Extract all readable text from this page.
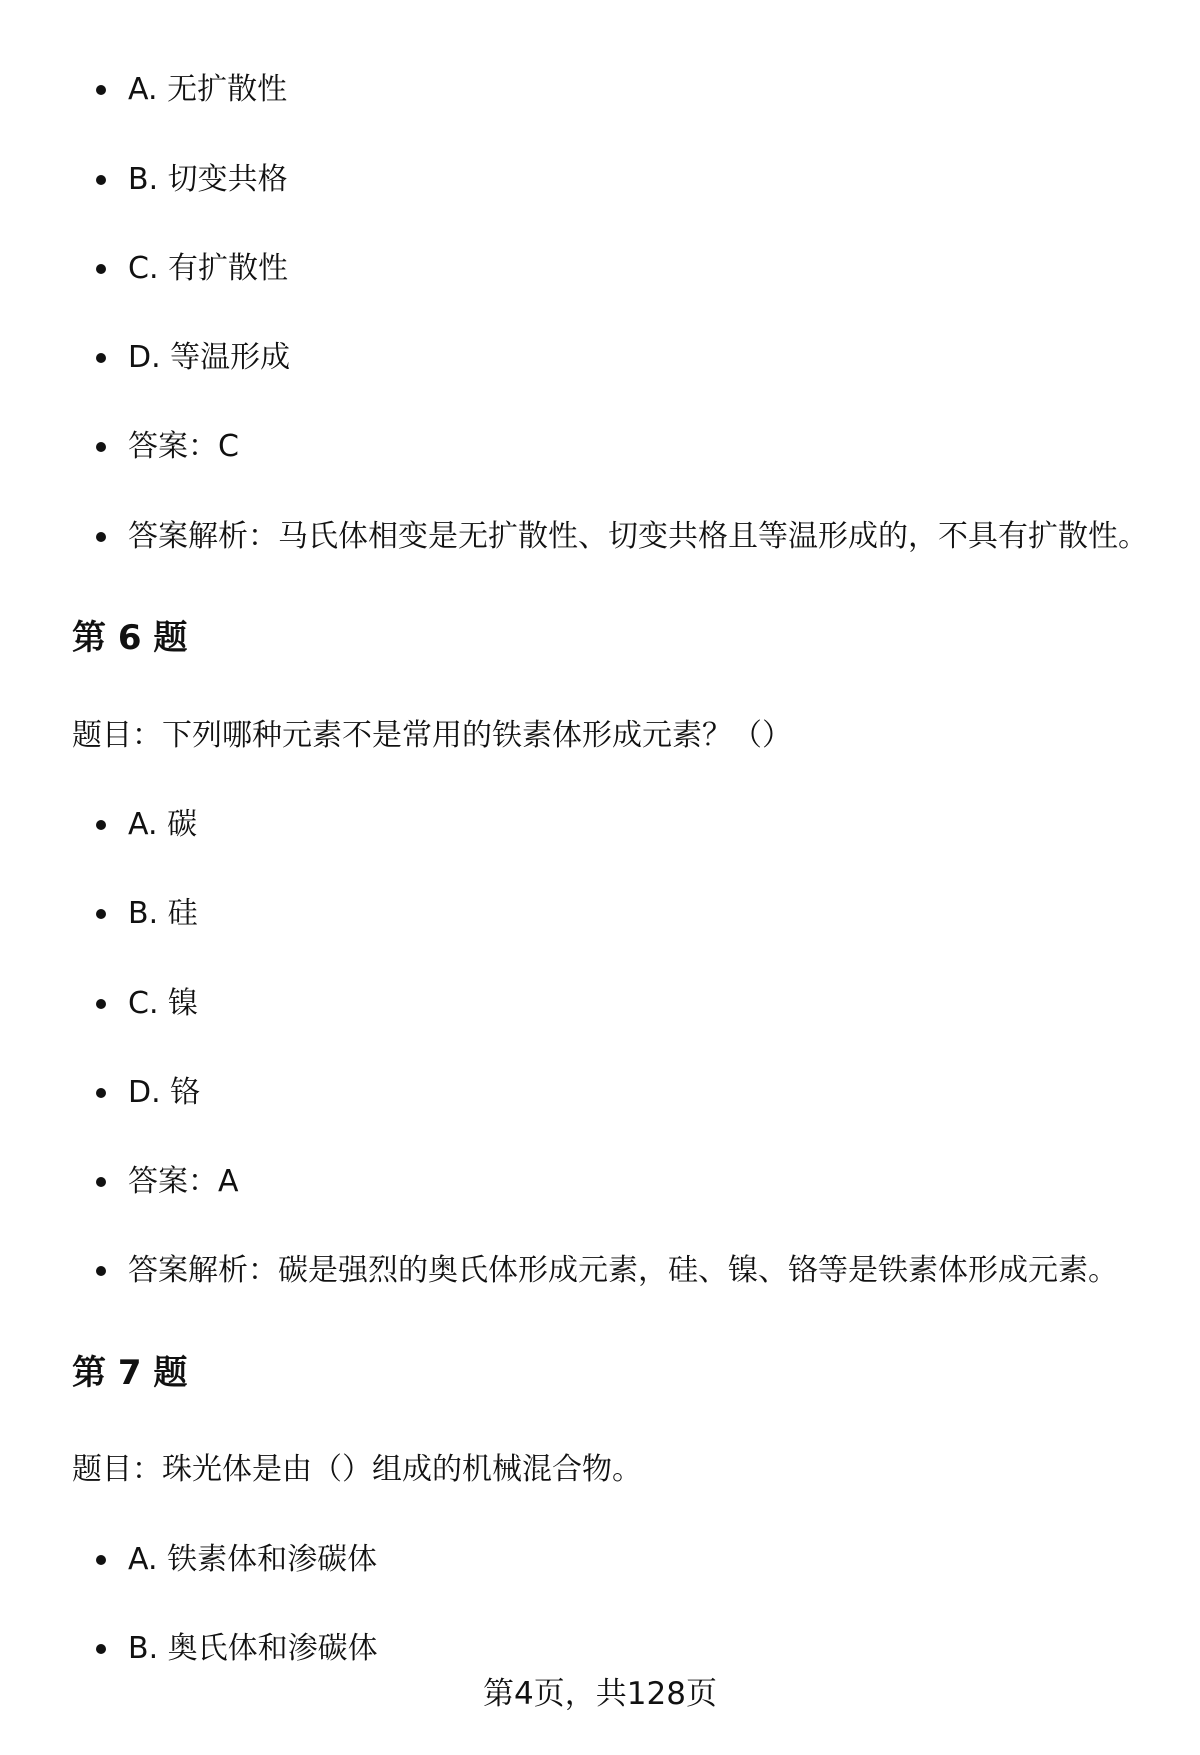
A. 无扩散性
B. 切变共格
C. 有扩散性
D. 等温形成
答案：C
答案解析：马氏体相变是无扩散性、切变共格且等温形成的，不具有扩散性。
第 6 题
题目：下列哪种元素不是常用的铁素体形成元素？（）
A. 碳
B. 硅
C. 镍
D. 铬
答案：A
答案解析：碳是强烈的奥氏体形成元素，硅、镍、铬等是铁素体形成元素。
第 7 题
题目：珠光体是由（）组成的机械混合物。
A. 铁素体和渗碳体
B. 奥氏体和渗碳体
第4页，共128页
